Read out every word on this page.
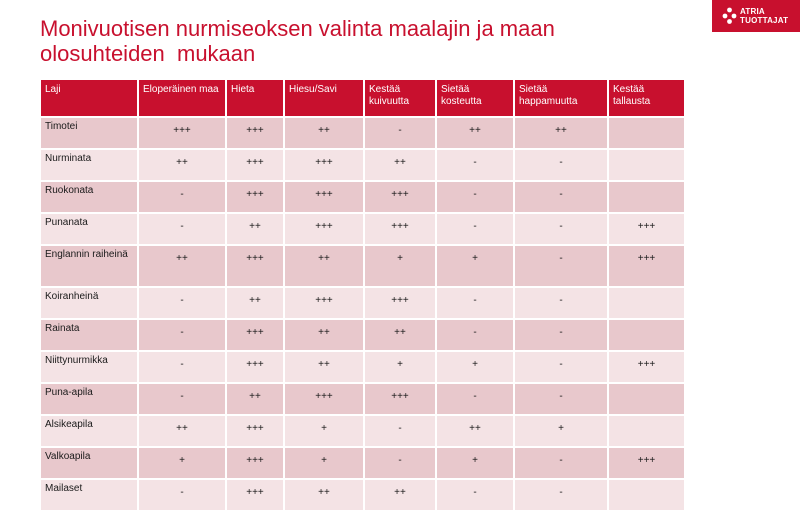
Monivuotisen nurmiseoksen valinta maalajin ja maan
olosuhteiden  mukaan
ATRIA
TUOTTAJAT
Laji	Eloperäinen maa	Hieta	Hiesu/Savi	Kestää kuivuutta	Sietää kosteutta	Sietää happamuutta	Kestää tallausta
Timotei	+++	+++	++	-	++	++	
Nurminata	++	+++	+++	++	-	-	
Ruokonata	-	+++	+++	+++	-	-	
Punanata	-	++	+++	+++	-	-	+++
Englannin raiheinä	++	+++	++	+	+	-	+++
Koiranheinä	-	++	+++	+++	-	-	
Rainata	-	+++	++	++	-	-	
Niittynurmikka	-	+++	++	+	+	-	+++
Puna-apila	-	++	+++	+++	-	-	
Alsikeapila	++	+++	+	-	++	+	
Valkoapila	+	+++	+	-	+	-	+++
Mailaset	-	+++	++	++	-	-	
